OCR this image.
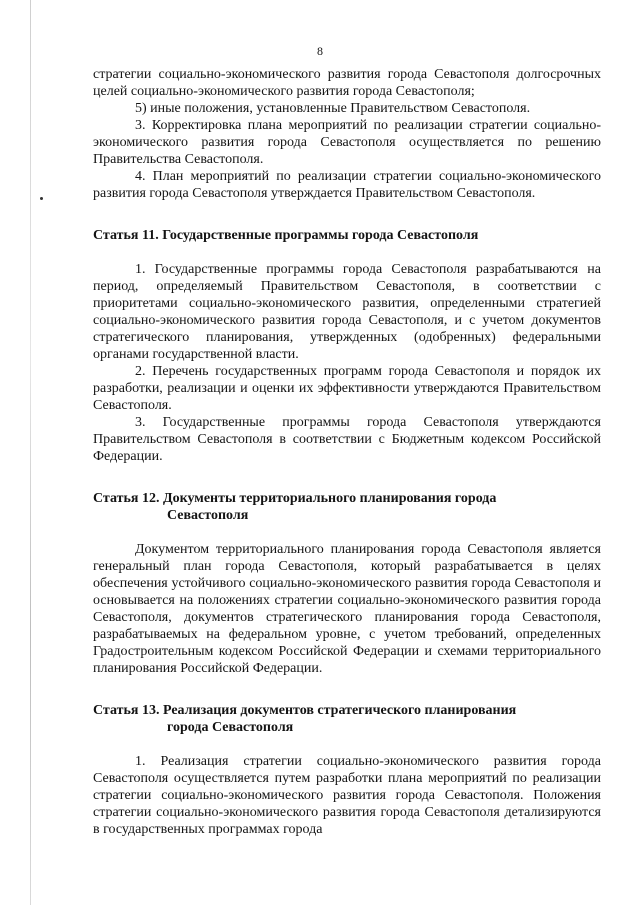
8

стратегии социально-экономического развития города Севастополя долгосрочных целей социально-экономического развития города Севастополя;

5) иные положения, установленные Правительством Севастополя.

3. Корректировка плана мероприятий по реализации стратегии социально-экономического развития города Севастополя осуществляется по решению Правительства Севастополя.

4. План мероприятий по реализации стратегии социально-экономического развития города Севастополя утверждается Правительством Севастополя.

Статья 11. Государственные программы города Севастополя

1. Государственные программы города Севастополя разрабатываются на период, определяемый Правительством Севастополя, в соответствии с приоритетами социально-экономического развития, определенными стратегией социально-экономического развития города Севастополя, и с учетом документов стратегического планирования, утвержденных (одобренных) федеральными органами государственной власти.

2. Перечень государственных программ города Севастополя и порядок их разработки, реализации и оценки их эффективности утверждаются Правительством Севастополя.

3. Государственные программы города Севастополя утверждаются Правительством Севастополя в соответствии с Бюджетным кодексом Российской Федерации.

Статья 12. Документы территориального планирования города
Севастополя

Документом территориального планирования города Севастополя является генеральный план города Севастополя, который разрабатывается в целях обеспечения устойчивого социально-экономического развития города Севастополя и основывается на положениях стратегии социально-экономического развития города Севастополя, документов стратегического планирования города Севастополя, разрабатываемых на федеральном уровне, с учетом требований, определенных Градостроительным кодексом Российской Федерации и схемами территориального планирования Российской Федерации.

Статья 13. Реализация документов стратегического планирования
города Севастополя

1. Реализация стратегии социально-экономического развития города Севастополя осуществляется путем разработки плана мероприятий по реализации стратегии социально-экономического развития города Севастополя. Положения стратегии социально-экономического развития города Севастополя детализируются в государственных программах города
